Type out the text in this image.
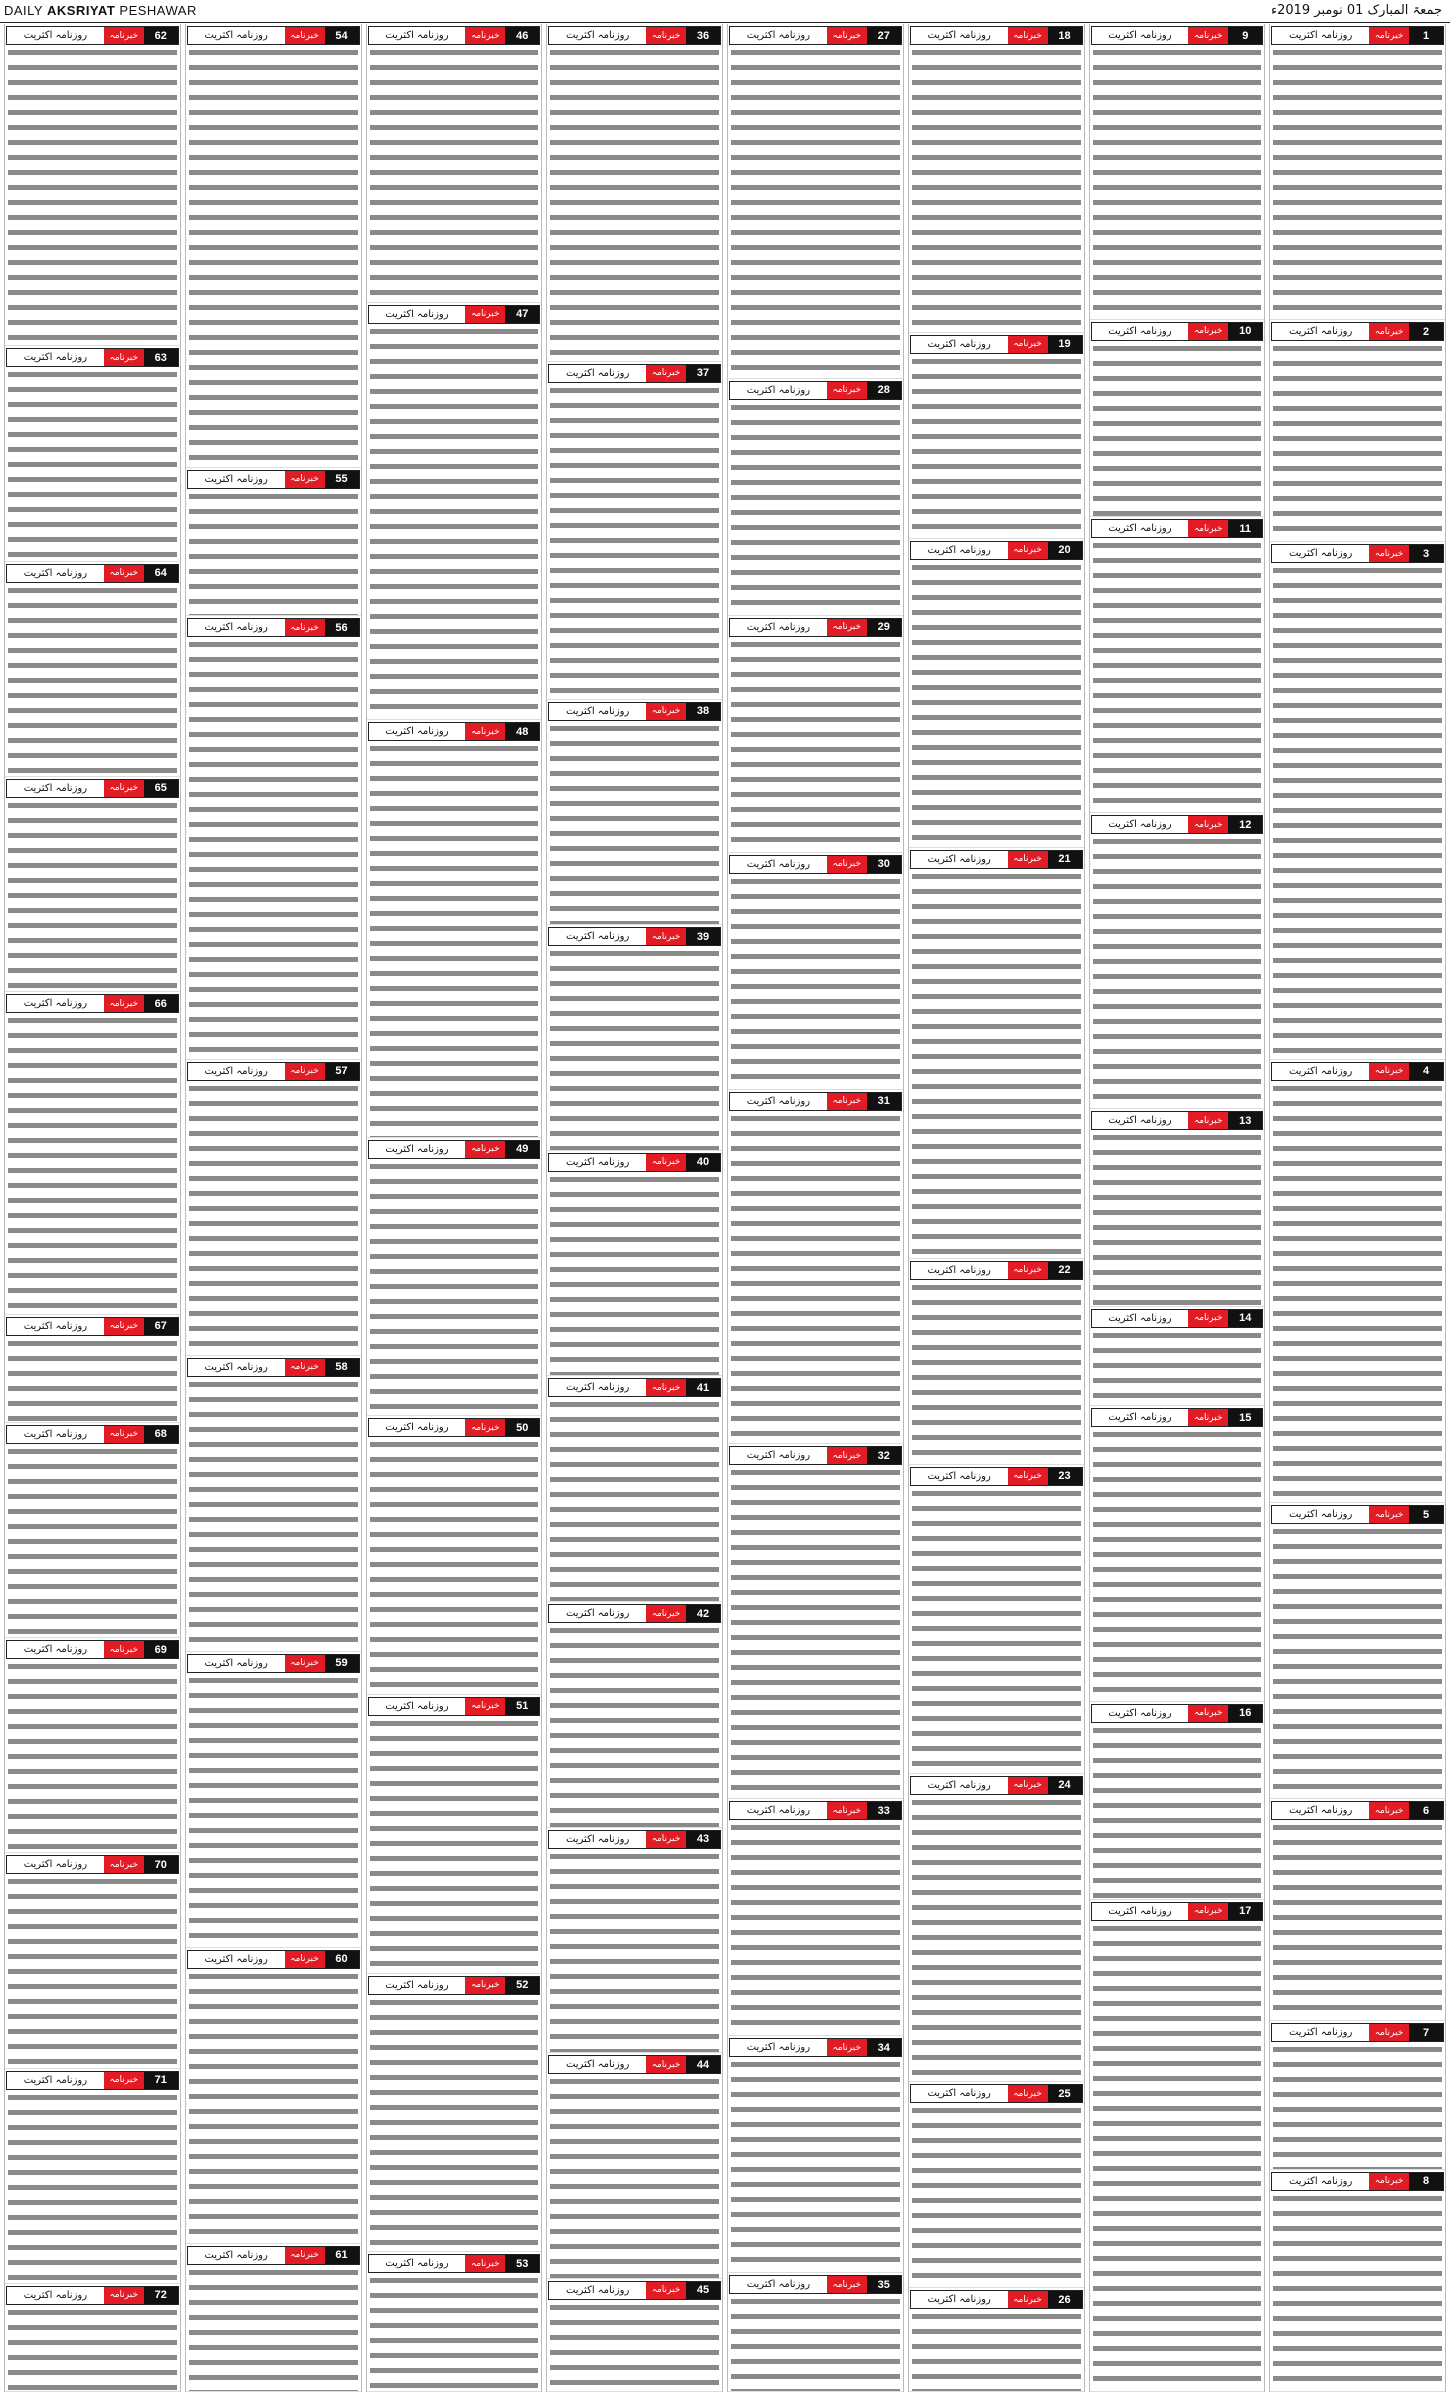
DAILY AKSRIYAT PESHAWAR	جمعۃ المبارک 01 نومبر 2019ء
1
خبرنامہ
روزنامہ اکثریت
2
خبرنامہ
روزنامہ اکثریت
3
خبرنامہ
روزنامہ اکثریت
4
خبرنامہ
روزنامہ اکثریت
5
خبرنامہ
روزنامہ اکثریت
6
خبرنامہ
روزنامہ اکثریت
7
خبرنامہ
روزنامہ اکثریت
8
خبرنامہ
روزنامہ اکثریت
9
خبرنامہ
روزنامہ اکثریت
10
خبرنامہ
روزنامہ اکثریت
11
خبرنامہ
روزنامہ اکثریت
12
خبرنامہ
روزنامہ اکثریت
13
خبرنامہ
روزنامہ اکثریت
14
خبرنامہ
روزنامہ اکثریت
15
خبرنامہ
روزنامہ اکثریت
16
خبرنامہ
روزنامہ اکثریت
17
خبرنامہ
روزنامہ اکثریت
18
خبرنامہ
روزنامہ اکثریت
19
خبرنامہ
روزنامہ اکثریت
20
خبرنامہ
روزنامہ اکثریت
21
خبرنامہ
روزنامہ اکثریت
22
خبرنامہ
روزنامہ اکثریت
23
خبرنامہ
روزنامہ اکثریت
24
خبرنامہ
روزنامہ اکثریت
25
خبرنامہ
روزنامہ اکثریت
26
خبرنامہ
روزنامہ اکثریت
27
خبرنامہ
روزنامہ اکثریت
28
خبرنامہ
روزنامہ اکثریت
29
خبرنامہ
روزنامہ اکثریت
30
خبرنامہ
روزنامہ اکثریت
31
خبرنامہ
روزنامہ اکثریت
32
خبرنامہ
روزنامہ اکثریت
33
خبرنامہ
روزنامہ اکثریت
34
خبرنامہ
روزنامہ اکثریت
35
خبرنامہ
روزنامہ اکثریت
36
خبرنامہ
روزنامہ اکثریت
37
خبرنامہ
روزنامہ اکثریت
38
خبرنامہ
روزنامہ اکثریت
39
خبرنامہ
روزنامہ اکثریت
40
خبرنامہ
روزنامہ اکثریت
41
خبرنامہ
روزنامہ اکثریت
42
خبرنامہ
روزنامہ اکثریت
43
خبرنامہ
روزنامہ اکثریت
44
خبرنامہ
روزنامہ اکثریت
45
خبرنامہ
روزنامہ اکثریت
46
خبرنامہ
روزنامہ اکثریت
47
خبرنامہ
روزنامہ اکثریت
48
خبرنامہ
روزنامہ اکثریت
49
خبرنامہ
روزنامہ اکثریت
50
خبرنامہ
روزنامہ اکثریت
51
خبرنامہ
روزنامہ اکثریت
52
خبرنامہ
روزنامہ اکثریت
53
خبرنامہ
روزنامہ اکثریت
54
خبرنامہ
روزنامہ اکثریت
55
خبرنامہ
روزنامہ اکثریت
56
خبرنامہ
روزنامہ اکثریت
57
خبرنامہ
روزنامہ اکثریت
58
خبرنامہ
روزنامہ اکثریت
59
خبرنامہ
روزنامہ اکثریت
60
خبرنامہ
روزنامہ اکثریت
61
خبرنامہ
روزنامہ اکثریت
62
خبرنامہ
روزنامہ اکثریت
63
خبرنامہ
روزنامہ اکثریت
64
خبرنامہ
روزنامہ اکثریت
65
خبرنامہ
روزنامہ اکثریت
66
خبرنامہ
روزنامہ اکثریت
67
خبرنامہ
روزنامہ اکثریت
68
خبرنامہ
روزنامہ اکثریت
69
خبرنامہ
روزنامہ اکثریت
70
خبرنامہ
روزنامہ اکثریت
71
خبرنامہ
روزنامہ اکثریت
72
خبرنامہ
روزنامہ اکثریت
